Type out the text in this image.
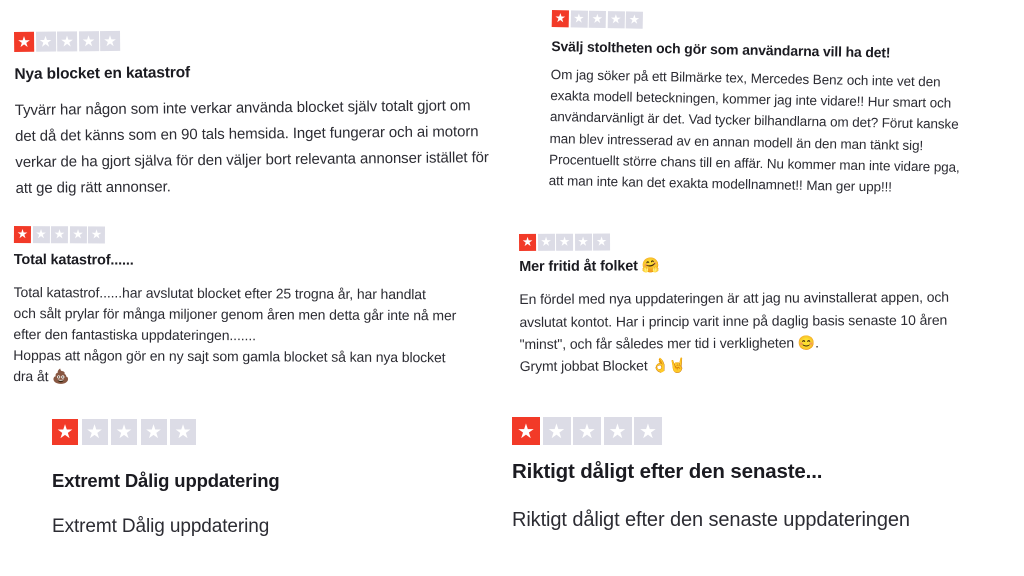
★ ★ ★ ★ ★
Nya blocket en katastrof

Tyvärr har någon som inte verkar använda blocket själv totalt gjort om
det då det känns som en 90 tals hemsida. Inget fungerar och ai motorn
verkar de ha gjort själva för den väljer bort relevanta annonser istället för
att ge dig rätt annonser.

★ ★ ★ ★ ★
Svälj stoltheten och gör som användarna vill ha det!

Om jag söker på ett Bilmärke tex, Mercedes Benz och inte vet den
exakta modell beteckningen, kommer jag inte vidare!! Hur smart och
användarvänligt är det. Vad tycker bilhandlarna om det? Förut kanske
man blev intresserad av en annan modell än den man tänkt sig!
Procentuellt större chans till en affär. Nu kommer man inte vidare pga,
att man inte kan det exakta modellnamnet!! Man ger upp!!!

★ ★ ★ ★ ★
Total katastrof......

Total katastrof......har avslutat blocket efter 25 trogna år, har handlat
och sålt prylar för många miljoner genom åren men detta går inte nå mer
efter den fantastiska uppdateringen.......
Hoppas att någon gör en ny sajt som gamla blocket så kan nya blocket
dra åt 💩

★ ★ ★ ★ ★
Mer fritid åt folket 🤗

En fördel med nya uppdateringen är att jag nu avinstallerat appen, och
avslutat kontot. Har i princip varit inne på daglig basis senaste 10 åren
"minst", och får således mer tid i verkligheten 😊.
Grymt jobbat Blocket 👌🤘

★ ★ ★ ★ ★
Extremt Dålig uppdatering

Extremt Dålig uppdatering

★ ★ ★ ★ ★
Riktigt dåligt efter den senaste...

Riktigt dåligt efter den senaste uppdateringen
